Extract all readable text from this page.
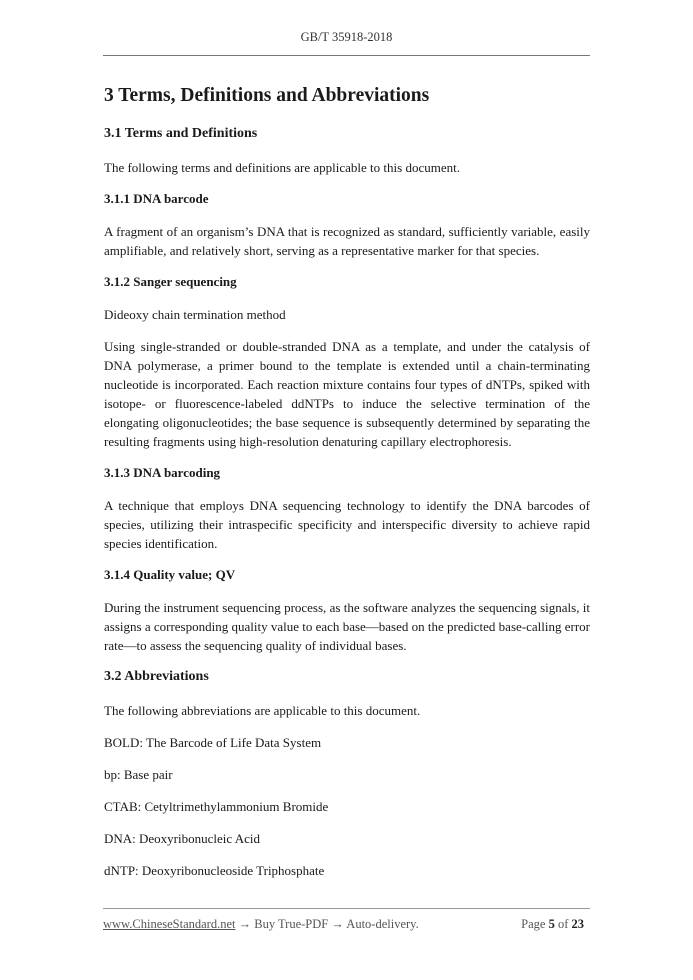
GB/T 35918-2018
3 Terms, Definitions and Abbreviations
3.1 Terms and Definitions
The following terms and definitions are applicable to this document.
3.1.1 DNA barcode
A fragment of an organism’s DNA that is recognized as standard, sufficiently variable, easily amplifiable, and relatively short, serving as a representative marker for that species.
3.1.2 Sanger sequencing
Dideoxy chain termination method
Using single-stranded or double-stranded DNA as a template, and under the catalysis of DNA polymerase, a primer bound to the template is extended until a chain-terminating nucleotide is incorporated. Each reaction mixture contains four types of dNTPs, spiked with isotope- or fluorescence-labeled ddNTPs to induce the selective termination of the elongating oligonucleotides; the base sequence is subsequently determined by separating the resulting fragments using high-resolution denaturing capillary electrophoresis.
3.1.3 DNA barcoding
A technique that employs DNA sequencing technology to identify the DNA barcodes of species, utilizing their intraspecific specificity and interspecific diversity to achieve rapid species identification.
3.1.4 Quality value; QV
During the instrument sequencing process, as the software analyzes the sequencing signals, it assigns a corresponding quality value to each base—based on the predicted base-calling error rate—to assess the sequencing quality of individual bases.
3.2 Abbreviations
The following abbreviations are applicable to this document.
BOLD: The Barcode of Life Data System
bp: Base pair
CTAB: Cetyltrimethylammonium Bromide
DNA: Deoxyribonucleic Acid
dNTP: Deoxyribonucleoside Triphosphate
www.ChineseStandard.net → Buy True-PDF → Auto-delivery.	Page 5 of 23
